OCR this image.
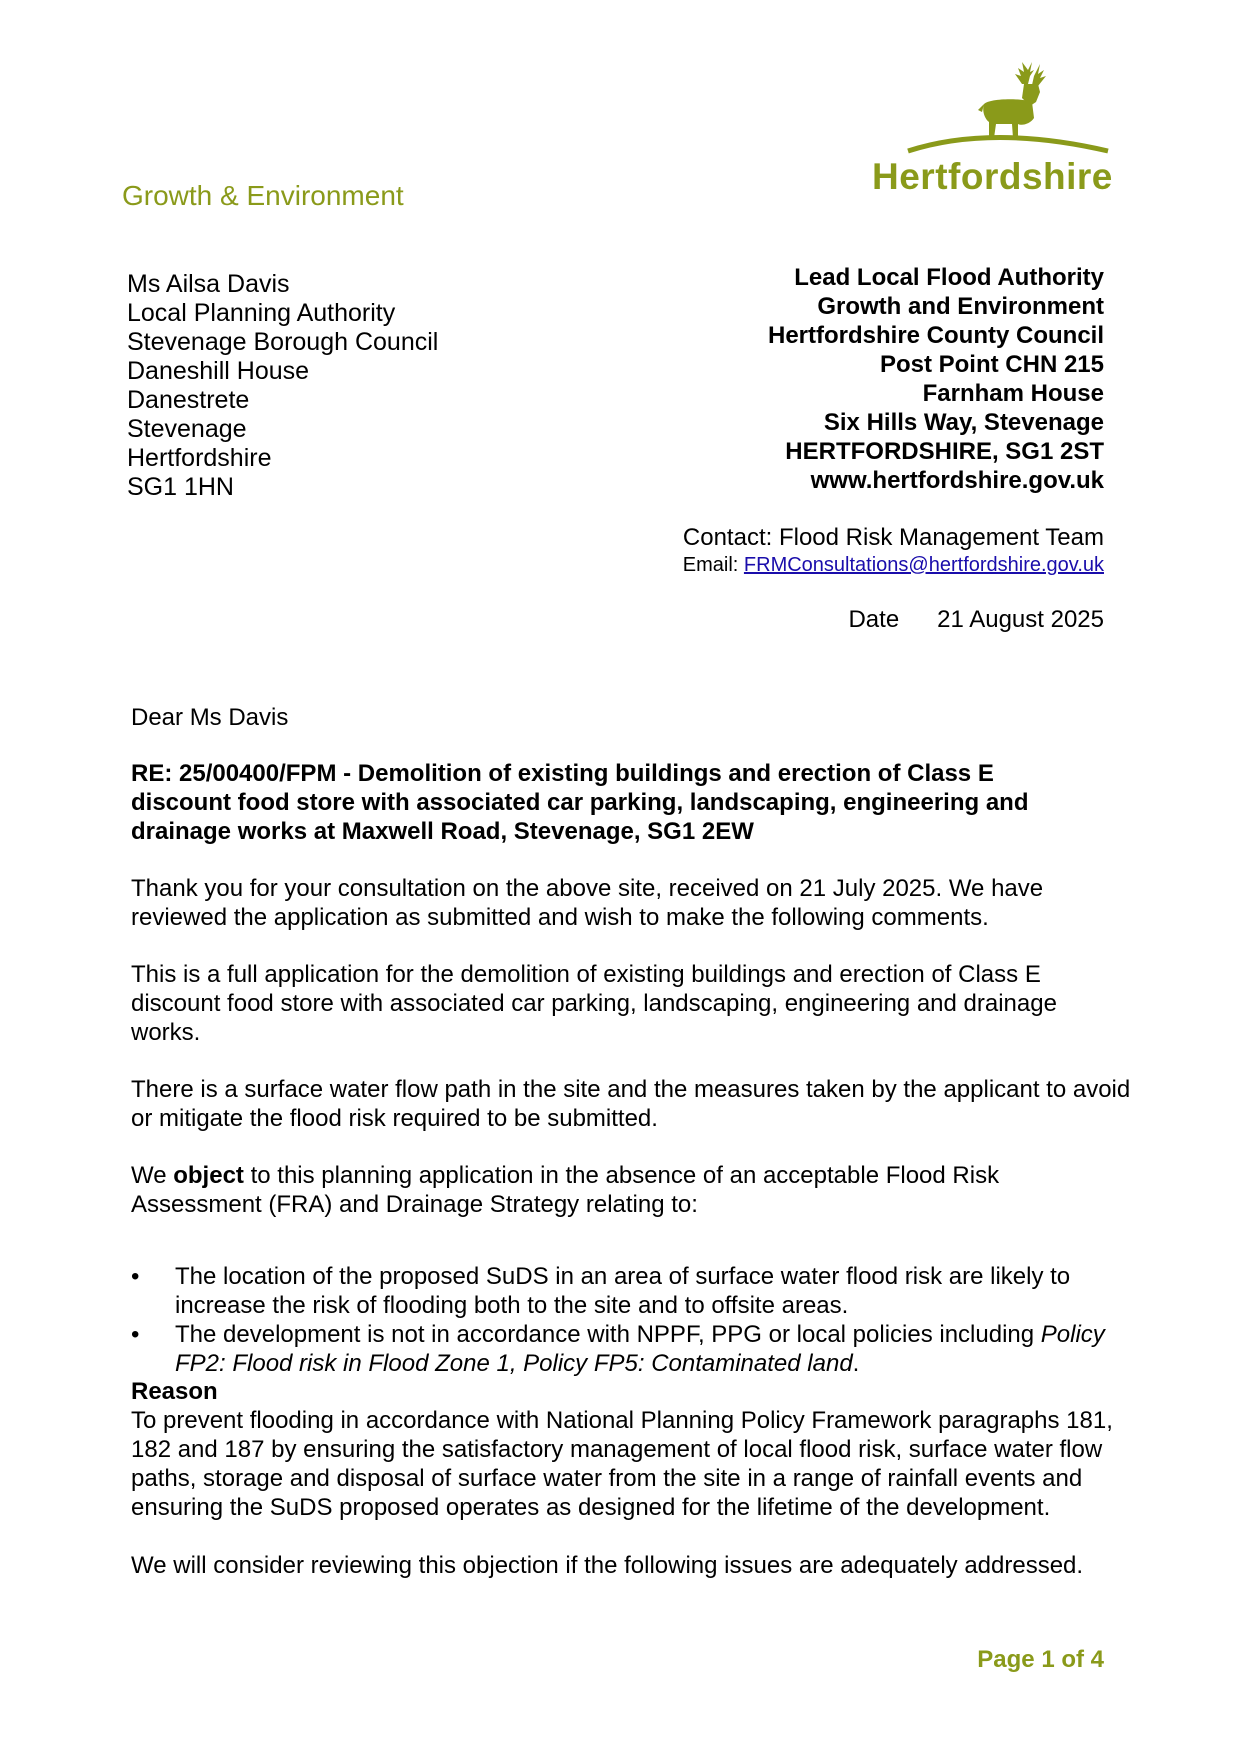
Growth & Environment	Hertfordshire
Ms Ailsa Davis
Local Planning Authority
Stevenage Borough Council
Daneshill House
Danestrete
Stevenage
Hertfordshire
SG1 1HN
Lead Local Flood Authority
Growth and Environment
Hertfordshire County Council
Post Point CHN 215
Farnham House
Six Hills Way, Stevenage
HERTFORDSHIRE, SG1 2ST
www.hertfordshire.gov.uk
Contact: Flood Risk Management Team
Email: FRMConsultations@hertfordshire.gov.uk
Date 21 August 2025
Dear Ms Davis
RE: 25/00400/FPM - Demolition of existing buildings and erection of Class E discount food store with associated car parking, landscaping, engineering and drainage works at Maxwell Road, Stevenage, SG1 2EW
Thank you for your consultation on the above site, received on 21 July 2025. We have reviewed the application as submitted and wish to make the following comments.
This is a full application for the demolition of existing buildings and erection of Class E discount food store with associated car parking, landscaping, engineering and drainage works.
There is a surface water flow path in the site and the measures taken by the applicant to avoid or mitigate the flood risk required to be submitted.
We object to this planning application in the absence of an acceptable Flood Risk Assessment (FRA) and Drainage Strategy relating to:
• The location of the proposed SuDS in an area of surface water flood risk are likely to increase the risk of flooding both to the site and to offsite areas.
• The development is not in accordance with NPPF, PPG or local policies including Policy FP2: Flood risk in Flood Zone 1, Policy FP5: Contaminated land.
Reason
To prevent flooding in accordance with National Planning Policy Framework paragraphs 181, 182 and 187 by ensuring the satisfactory management of local flood risk, surface water flow paths, storage and disposal of surface water from the site in a range of rainfall events and ensuring the SuDS proposed operates as designed for the lifetime of the development.
We will consider reviewing this objection if the following issues are adequately addressed.
Page 1 of 4
